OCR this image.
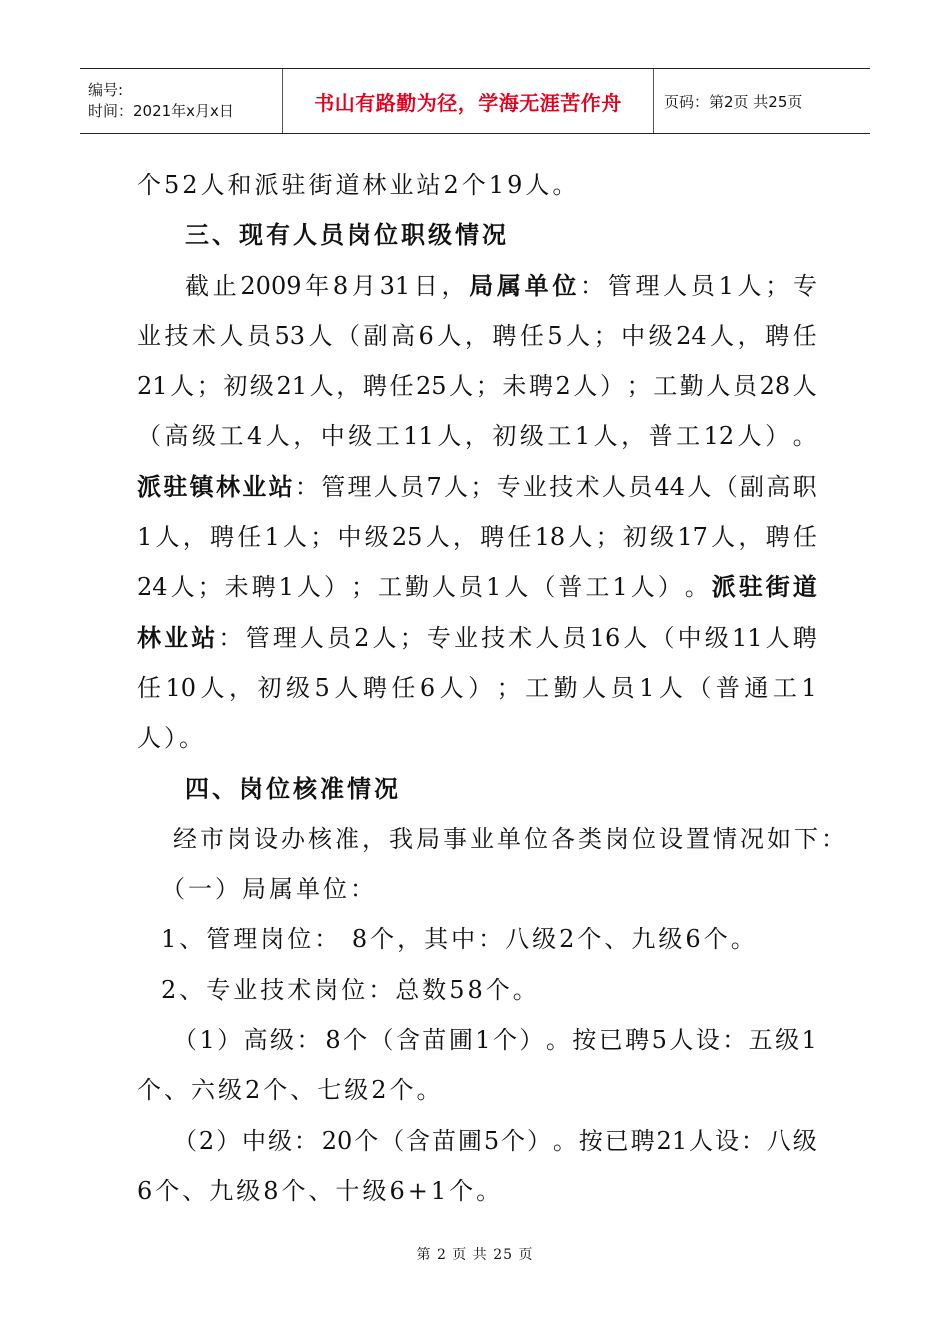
编号:
时间：2021年x月x日	书山有路勤为径，学海无涯苦作舟	页码：第2页 共25页
个52人和派驻街道林业站2个19人。
三、现有人员岗位职级情况
截 止 2009 年 8 月 31 日 ， 局 属 单 位 ： 管 理 人 员 1 人 ； 专
业 技 术 人 员 53 人 （ 副 高 6 人 ， 聘 任 5 人 ； 中 级 24 人 ， 聘 任
21 人 ； 初 级 21 人 ， 聘 任 25 人 ； 未 聘 2 人 ） ； 工 勤 人 员 28 人
（ 高 级 工 4 人 ， 中 级 工 11 人 ， 初 级 工 1 人 ， 普 工 12 人 ） 。
派 驻 镇 林 业 站 ： 管 理 人 员 7 人 ； 专 业 技 术 人 员 44 人 （ 副 高 职
1 人 ， 聘 任 1 人 ； 中 级 25 人 ， 聘 任 18 人 ； 初 级 17 人 ， 聘 任
24 人 ； 未 聘 1 人 ） ； 工 勤 人 员 1 人 （ 普 工 1 人 ） 。 派 驻 街 道
林 业 站 ： 管 理 人 员 2 人 ； 专 业 技 术 人 员 16 人 （ 中 级 11 人 聘
任 10 人 ， 初 级 5 人 聘 任 6 人 ） ； 工 勤 人 员 1 人 （ 普 通 工 1
人）。
四、岗位核准情况
经市岗设办核准，我局事业单位各类岗位设置情况如下：
（一）局属单位：
1、管理岗位： 8个，其中：八级2个、九级6个。
2、专业技术岗位：总数58个。
（ 1 ） 高 级 ： 8 个 （ 含 苗 圃 1 个 ） 。 按 已 聘 5 人 设 ： 五 级 1
个、六级2个、七级2个。
（ 2 ） 中 级 ： 20 个 （ 含 苗 圃 5 个 ） 。 按 已 聘 21 人 设 ： 八 级
6个、九级8个、十级6+1个。
第 2 页 共 25 页
